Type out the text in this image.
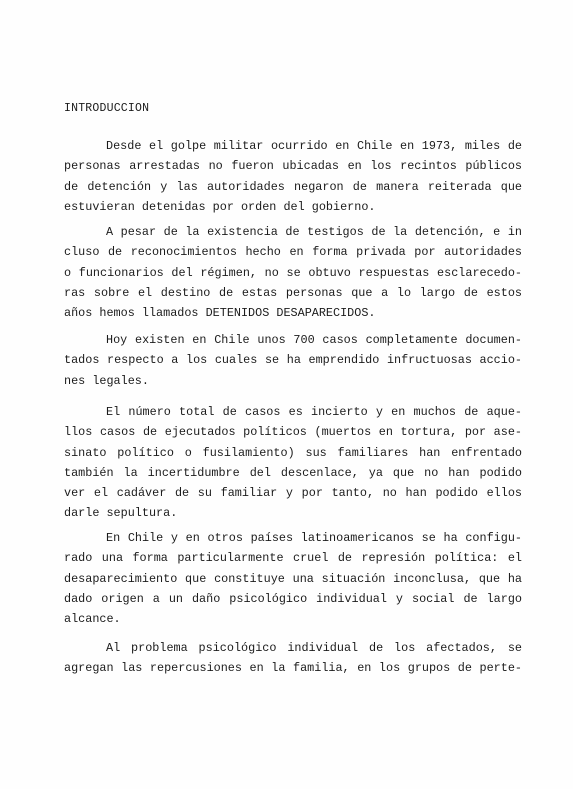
INTRODUCCION
Desde el golpe militar ocurrido en Chile en 1973, miles de
personas arrestadas no fueron ubicadas en los recintos públicos
de detención y las autoridades negaron de manera reiterada que
estuvieran detenidas por orden del gobierno.
A pesar de la existencia de testigos de la detención, e in
cluso de reconocimientos hecho en forma privada por autoridades
o funcionarios del régimen, no se obtuvo respuestas esclarecedo-
ras sobre el destino de estas personas que a lo largo de estos
años hemos llamados DETENIDOS DESAPARECIDOS.
Hoy existen en Chile unos 700 casos completamente documen-
tados respecto a los cuales se ha emprendido infructuosas accio-
nes legales.
El número total de casos es incierto y en muchos de aque-
llos casos de ejecutados políticos (muertos en tortura, por ase-
sinato político o fusilamiento) sus familiares han enfrentado
también la incertidumbre del descenlace, ya que no han podido
ver el cadáver de su familiar y por tanto, no han podido ellos
darle sepultura.
En Chile y en otros países latinoamericanos se ha configu-
rado una forma particularmente cruel de represión política: el
desaparecimiento que constituye una situación inconclusa, que ha
dado origen a un daño psicológico individual y social de largo
alcance.
Al problema psicológico individual de los afectados, se
agregan las repercusiones en la familia, en los grupos de perte-
